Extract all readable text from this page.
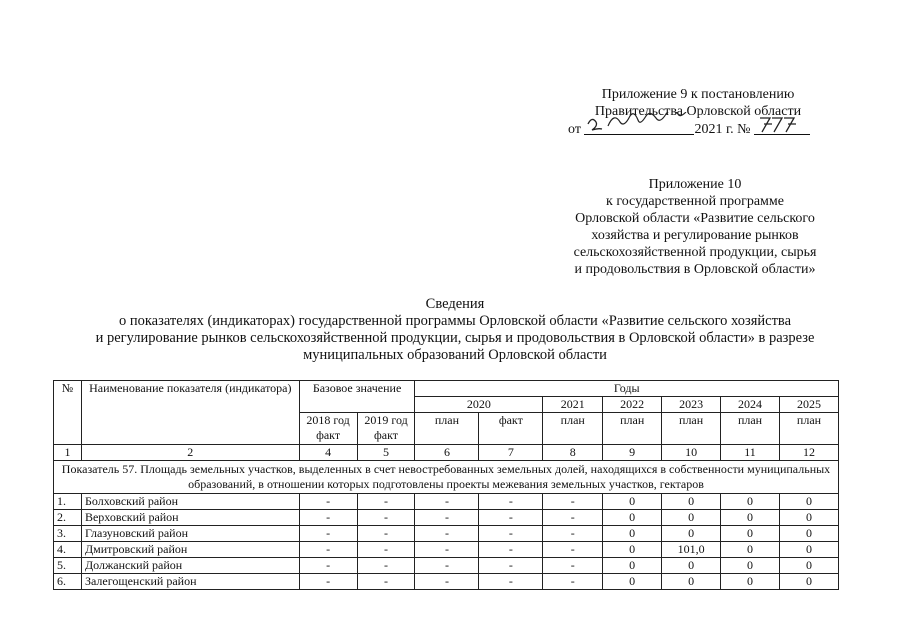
Приложение 9 к постановлению
Правительства Орловской области
от	2021 г. №
Приложение 10
к государственной программе
Орловской области «Развитие сельского
хозяйства и регулирование рынков
сельскохозяйственной продукции, сырья
и продовольствия в Орловской области»
Сведения
о показателях (индикаторах) государственной программы Орловской области «Развитие сельского хозяйства
и регулирование рынков сельскохозяйственной продукции, сырья и продовольствия в Орловской области» в разрезе
муниципальных образований Орловской области
№	Наименование показателя (индикатора)	Базовое значение		Годы						
				2020		2021	2022	2023	2024	2025
		2018 год факт	2019 год факт	план	факт	план	план	план	план	план
1	2	4	5	6	7	8	9	10	11	12
Показатель 57. Площадь земельных участков, выделенных в счет невостребованных земельных долей, находящихся в собственности муниципальных образований, в отношении которых подготовлены проекты межевания земельных участков, гектаров										
1.	Болховский район	-	-	-	-	-	0	0	0	0
2.	Верховский район	-	-	-	-	-	0	0	0	0
3.	Глазуновский район	-	-	-	-	-	0	0	0	0
4.	Дмитровский район	-	-	-	-	-	0	101,0	0	0
5.	Должанский район	-	-	-	-	-	0	0	0	0
6.	Залегощенский район	-	-	-	-	-	0	0	0	0
